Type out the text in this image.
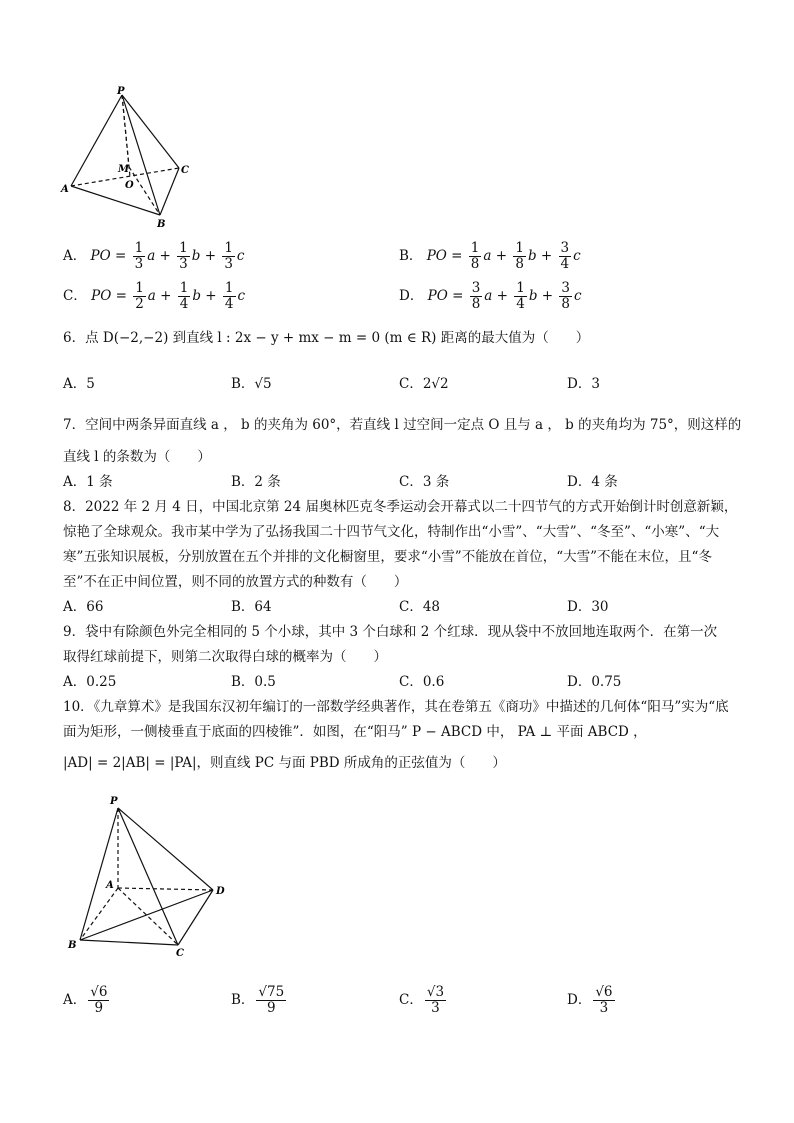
P
M
O
C
A
B
A． PO = $\frac{1}{3}$ $a + \frac{1}{3}$ $b + \frac{1}{3}$ c	B． PO = $\frac{1}{8}$ $a + \frac{1}{8}$ $b + \frac{3}{4}$ c
C． PO = $\frac{1}{2}$ $a + \frac{1}{4}$ $b + \frac{1}{4}$ c	D． PO = $\frac{3}{8}$ $a + \frac{1}{4}$ $b + \frac{3}{8}$ c
6．点 D(−2,−2) 到直线 l : 2x − y + mx − m = 0 (m ∈ R) 距离的最大值为（　　）
A．5	B．√5	C．2√2	D．3
7．空间中两条异面直线 a ， b 的夹角为 60°，若直线 l 过空间一定点 O 且与 a ， b 的夹角均为 75°，则这样的
直线 l 的条数为（　　）
A．1 条	B．2 条	C．3 条	D．4 条
8．2022 年 2 月 4 日，中国北京第 24 届奥林匹克冬季运动会开幕式以二十四节气的方式开始倒计时创意新颖，
惊艳了全球观众。我市某中学为了弘扬我国二十四节气文化，特制作出“小雪”、“大雪”、“冬至”、“小寒”、“大
寒”五张知识展板，分别放置在五个并排的文化橱窗里，要求“小雪”不能放在首位，“大雪”不能在末位，且“冬
至”不在正中间位置，则不同的放置方式的种数有（　　）
A．66	B．64	C．48	D．30
9．袋中有除颜色外完全相同的 5 个小球，其中 3 个白球和 2 个红球．现从袋中不放回地连取两个．在第一次
取得红球前提下，则第二次取得白球的概率为（　　）
A．0.25	B．0.5	C．0.6	D．0.75
10．《九章算术》是我国东汉初年编订的一部数学经典著作，其在卷第五《商功》中描述的几何体“阳马”实为“底
面为矩形，一侧棱垂直于底面的四棱锥”．如图，在“阳马” P − ABCD 中， PA ⊥ 平面 ABCD ，
|AD| = 2|AB| = |PA|，则直线 PC 与面 PBD 所成角的正弦值为（　　）
P
A
D
B
C
A． $\frac{√6}{9}$	B． $\frac{√75}{9}$	C． $\frac{√3}{3}$	D． $\frac{√6}{3}$
